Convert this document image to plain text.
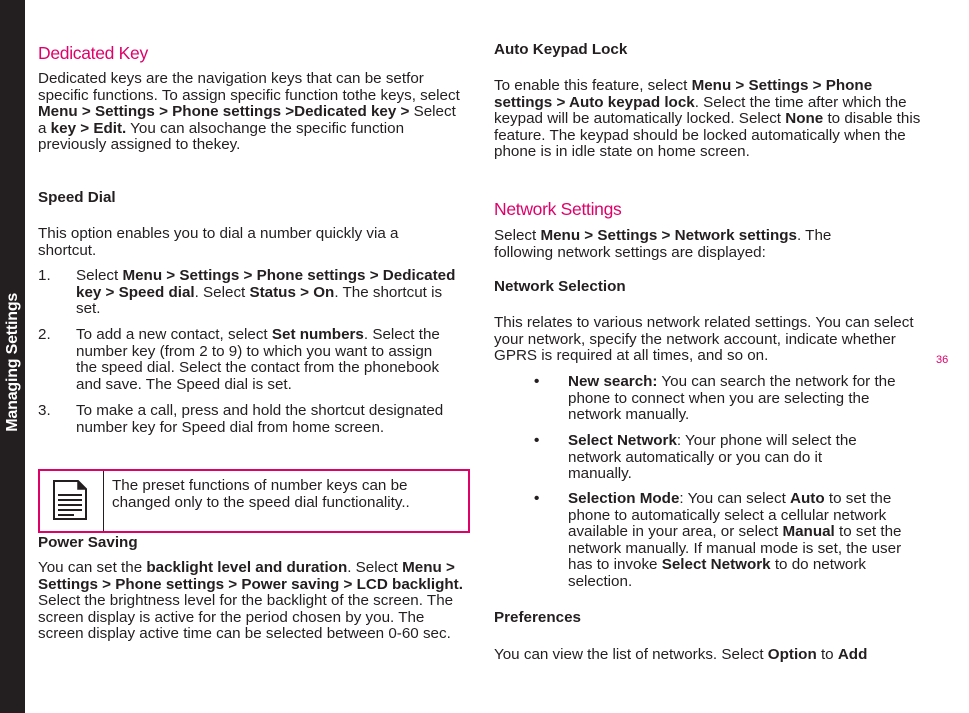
Managing Settings
Dedicated Key

Dedicated keys are the navigation keys that can be setfor specific functions. To assign specific function tothe keys, select Menu > Settings > Phone settings >Dedicated key > Select a key > Edit. You can alsochange the specific function previously assigned to thekey.

Speed Dial

This option enables you to dial a number quickly via a shortcut.

1. Select Menu > Settings > Phone settings > Dedicated key > Speed dial. Select Status > On. The shortcut is set.
2. To add a new contact, select Set numbers. Select the number key (from 2 to 9) to which you want to assign the speed dial. Select the contact from the phonebook and save. The Speed dial is set.
3. To make a call, press and hold the shortcut designated number key for Speed dial from home screen.
The preset functions of number keys can be changed only to the speed dial functionality..
Power Saving

You can set the backlight level and duration. Select Menu > Settings > Phone settings > Power saving > LCD backlight. Select the brightness level for the backlight of the screen. The screen display is active for the period chosen by you. The screen display active time can be selected between 0-60 sec.

Auto Keypad Lock

To enable this feature, select Menu > Settings > Phone settings > Auto keypad lock. Select the time after which the keypad will be automatically locked. Select None to disable this feature. The keypad should be locked automatically when the phone is in idle state on home screen.

Network Settings

Select Menu > Settings > Network settings. The following network settings are displayed:

Network Selection

This relates to various network related settings. You can select your network, specify the network account, indicate whether GPRS is required at all times, and so on.

• New search: You can search the network for the phone to connect when you are selecting the network manually.
• Select Network: Your phone will select the network automatically or you can do it manually.
• Selection Mode: You can select Auto to set the phone to automatically select a cellular network available in your area, or select Manual to set the network manually. If manual mode is set, the user has to invoke Select Network to do network selection.
Preferences

You can view the list of networks. Select Option to Add

36
